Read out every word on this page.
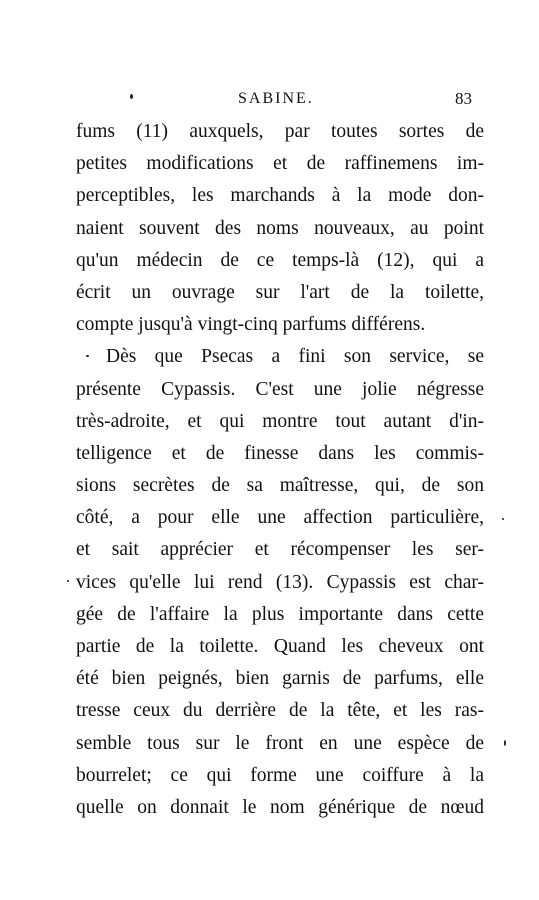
SABINE.	83
fums (11) auxquels, par toutes sortes de
petites modifications et de raffinemens im-
perceptibles, les marchands à la mode don-
naient souvent des noms nouveaux, au point
qu'un médecin de ce temps-là (12), qui a
écrit un ouvrage sur l'art de la toilette,
compte jusqu'à vingt-cinq parfums différens.
Dès que Psecas a fini son service, se
présente Cypassis. C'est une jolie négresse
très-adroite, et qui montre tout autant d'in-
telligence et de finesse dans les commis-
sions secrètes de sa maîtresse, qui, de son
côté, a pour elle une affection particulière,
et sait apprécier et récompenser les ser-
vices qu'elle lui rend (13). Cypassis est char-
gée de l'affaire la plus importante dans cette
partie de la toilette. Quand les cheveux ont
été bien peignés, bien garnis de parfums, elle
tresse ceux du derrière de la tête, et les ras-
semble tous sur le front en une espèce de
bourrelet; ce qui forme une coiffure à la
quelle on donnait le nom générique de nœud
